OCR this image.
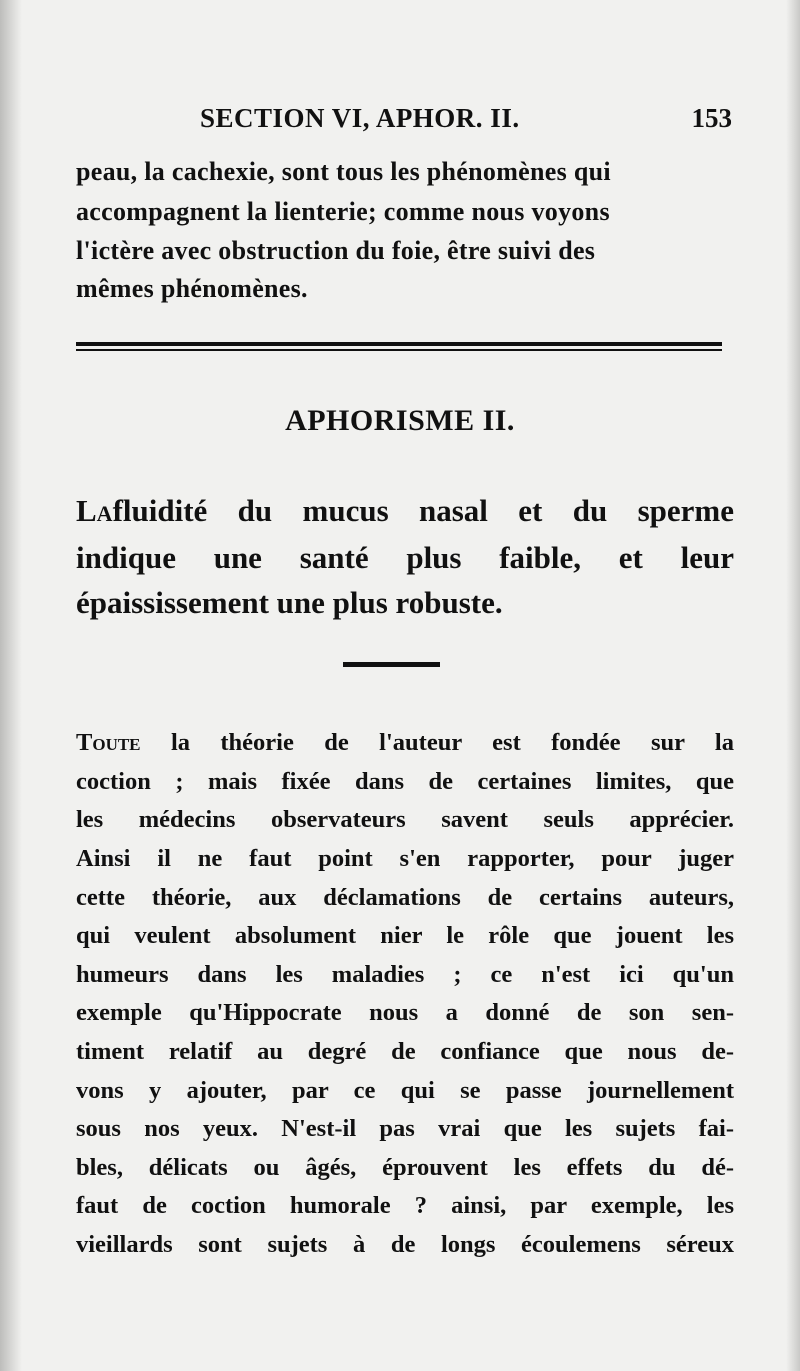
SECTION VI, APHOR. II.	153
peau, la cachexie, sont tous les phénomènes qui
accompagnent la lienterie; comme nous voyons
l'ictère avec obstruction du foie, être suivi des
mêmes phénomènes.
APHORISME II.
Lafluidité du mucus nasal et du sperme
indique une santé plus faible, et leur
épaississement une plus robuste.
Toute la théorie de l'auteur est fondée sur la
coction ; mais fixée dans de certaines limites, que
les médecins observateurs savent seuls apprécier.
Ainsi il ne faut point s'en rapporter, pour juger
cette théorie, aux déclamations de certains auteurs,
qui veulent absolument nier le rôle que jouent les
humeurs dans les maladies ; ce n'est ici qu'un
exemple qu'Hippocrate nous a donné de son sen-
timent relatif au degré de confiance que nous de-
vons y ajouter, par ce qui se passe journellement
sous nos yeux. N'est-il pas vrai que les sujets fai-
bles, délicats ou âgés, éprouvent les effets du dé-
faut de coction humorale ? ainsi, par exemple, les
vieillards sont sujets à de longs écoulemens séreux
